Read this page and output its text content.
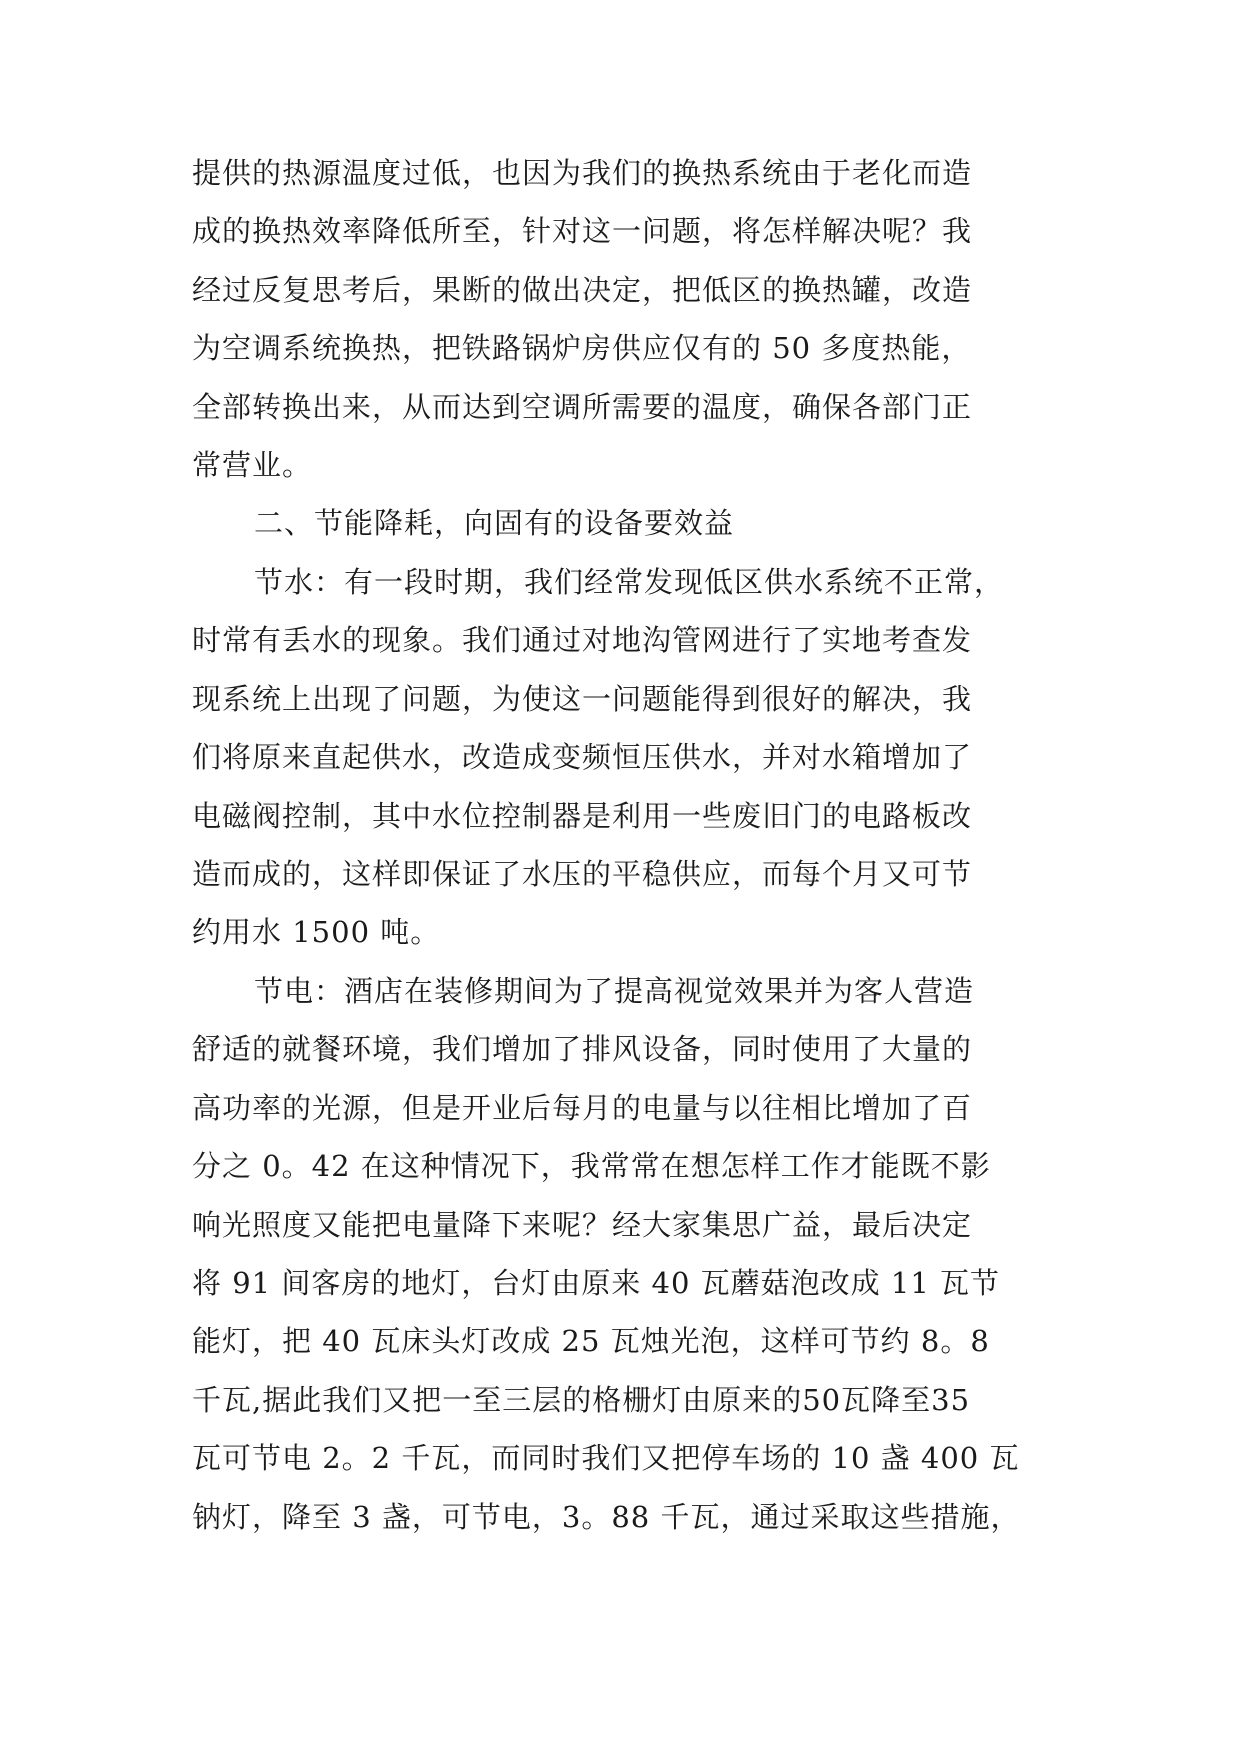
提供的热源温度过低，也因为我们的换热系统由于老化而造
成的换热效率降低所至，针对这一问题，将怎样解决呢？我
经过反复思考后，果断的做出决定，把低区的换热罐，改造
为空调系统换热，把铁路锅炉房供应仅有的 50 多度热能，
全部转换出来，从而达到空调所需要的温度，确保各部门正
常营业。
二、节能降耗，向固有的设备要效益
节水：有一段时期，我们经常发现低区供水系统不正常，
时常有丢水的现象。我们通过对地沟管网进行了实地考查发
现系统上出现了问题，为使这一问题能得到很好的解决，我
们将原来直起供水，改造成变频恒压供水，并对水箱增加了
电磁阀控制，其中水位控制器是利用一些废旧门的电路板改
造而成的，这样即保证了水压的平稳供应，而每个月又可节
约用水 1500 吨。
节电：酒店在装修期间为了提高视觉效果并为客人营造
舒适的就餐环境，我们增加了排风设备，同时使用了大量的
高功率的光源，但是开业后每月的电量与以往相比增加了百
分之 0。42 在这种情况下，我常常在想怎样工作才能既不影
响光照度又能把电量降下来呢？经大家集思广益，最后决定
将 91 间客房的地灯，台灯由原来 40 瓦蘑菇泡改成 11 瓦节
能灯，把 40 瓦床头灯改成 25 瓦烛光泡，这样可节约 8。8
千瓦,据此我们又把一至三层的格栅灯由原来的50瓦降至35
瓦可节电 2。2 千瓦，而同时我们又把停车场的 10 盏 400 瓦
钠灯，降至 3 盏，可节电，3。88 千瓦，通过采取这些措施，
